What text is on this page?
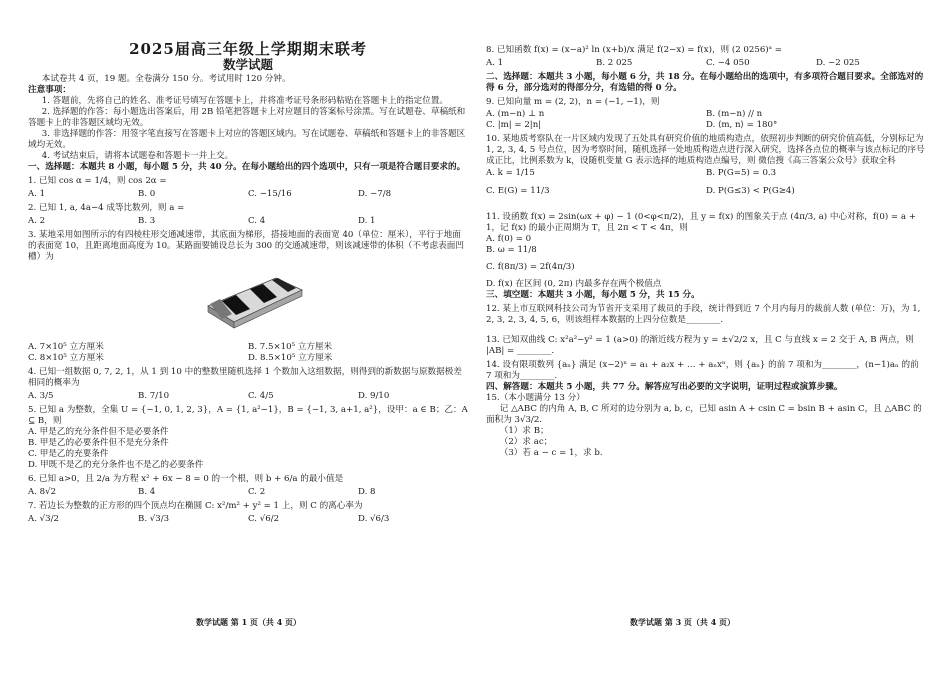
2025届高三年级上学期期末联考
数学试题

本试卷共 4 页，19 题。全卷满分 150 分。考试用时 120 分钟。

注意事项：

1. 答题前，先将自己的姓名、准考证号填写在答题卡上，并将准考证号条形码粘贴在答题卡上的指定位置。

2. 选择题的作答：每小题选出答案后，用 2B 铅笔把答题卡上对应题目的答案标号涂黑。写在试题卷、草稿纸和答题卡上的非答题区域均无效。

3. 非选择题的作答：用签字笔直接写在答题卡上对应的答题区域内。写在试题卷、草稿纸和答题卡上的非答题区域均无效。

4. 考试结束后，请将本试题卷和答题卡一并上交。

一、选择题：本题共 8 小题，每小题 5 分，共 40 分。在每小题给出的四个选项中，只有一项是符合题目要求的。

1. 已知 cos α = 1/4，则 cos 2α =

A. 1	B. 0	C. −15/16	D. −7/8

2. 已知 1, a, 4a−4 成等比数列，则 a =

A. 2	B. 3	C. 4	D. 1

3. 某地采用如图所示的有四棱柱形交通减速带，其底面为梯形，搭接地面的表面宽 40（单位：厘米），平行于地面的表面宽 10，且距离地面高度为 10。某路面要铺设总长为 300 的交通减速带，则该减速带的体积（不考虑表面凹槽）为

A. 7×10⁵ 立方厘米	B. 7.5×10⁵ 立方厘米
C. 8×10⁵ 立方厘米	D. 8.5×10⁵ 立方厘米

4. 已知一组数据 0, 7, 2, 1，从 1 到 10 中的整数里随机选择 1 个数加入这组数据，则得到的新数据与原数据极差相同的概率为

A. 3/5	B. 7/10	C. 4/5	D. 9/10

5. 已知 a 为整数，全集 U = {−1, 0, 1, 2, 3}，A = {1, a²−1}，B = {−1, 3, a+1, a²}，设甲：a ∈ B；乙：A ⊆ B，则

A. 甲是乙的充分条件但不是必要条件

B. 甲是乙的必要条件但不是充分条件

C. 甲是乙的充要条件

D. 甲既不是乙的充分条件也不是乙的必要条件

6. 已知 a>0，且 2/a 为方程 x² + 6x − 8 = 0 的一个根，则 b + 6/a 的最小值是

A. 8√2	B. 4	C. 2	D. 8

7. 若边长为整数的正方形的四个顶点均在椭圆 C: x²/m² + y² = 1 上，则 C 的离心率为

A. √3/2	B. √3/3	C. √6/2	D. √6/3
数学试题 第 1 页（共 4 页）

8. 已知函数 f(x) = (x−a)² ln (x+b)/x 满足 f(2−x) = f(x)，则 (2 0256)ᵃ =

A. 1	B. 2 025	C. −4 050	D. −2 025

二、选择题：本题共 3 小题，每小题 6 分，共 18 分。在每小题给出的选项中，有多项符合题目要求。全部选对的得 6 分，部分选对的得部分分，有选错的得 0 分。

9. 已知向量 m = (2, 2)，n = (−1, −1)，则

A. (m−n) ⊥ n	B. (m−n) // n
C. |m| = 2|n|	D. ⟨m, n⟩ = 180°

10. 某地质考察队在一片区域内发现了五处具有研究价值的地质构造点，依照初步判断的研究价值高低，分别标记为 1, 2, 3, 4, 5 号点位，因为考察时间，随机选择一处地质构造点进行深入研究，选择各点位的概率与该点标记的序号成正比，比例系数为 k，设随机变量 G 表示选择的地质构造点编号，则 微信搜《高三答案公众号》获取全科

A. k = 1/15	B. P(G=5) = 0.3
C. E(G) = 11/3	D. P(G≤3) < P(G≥4)

11. 设函数 f(x) = 2sin(ωx + φ) − 1 (0<φ<π/2)，且 y = f(x) 的图象关于点 (4π/3, a) 中心对称，f(0) = a + 1，记 f(x) 的最小正周期为 T，且 2π < T < 4π，则

A. f(0) = 0

B. ω = 11/8

C. f(8π/3) = 2f(4π/3)

D. f(x) 在区间 (0, 2π) 内最多存在两个极值点

三、填空题：本题共 3 小题，每小题 5 分，共 15 分。

12. 某上市互联网科技公司为节省开支采用了裁员的手段，统计得到近 7 个月内每月的裁前人数 (单位：万)，为 1, 2, 3, 2, 3, 4, 5, 6，则该组样本数据的上四分位数是________.

13. 已知双曲线 C: x²a²−y² = 1 (a>0) 的渐近线方程为 y = ±√2/2 x，且 C 与直线 x = 2 交于 A, B 两点，则 |AB| = ________.

14. 设有限项数列 {aₙ} 满足 (x−2)ⁿ = a₁ + a₂x + … + aₙxⁿ，则 {aₙ} 的前 7 项和为________，(n−1)aₙ 的前 7 项和为________.

四、解答题：本题共 5 小题，共 77 分。解答应写出必要的文字说明，证明过程或演算步骤。

15.（本小题满分 13 分）

记 △ABC 的内角 A, B, C 所对的边分别为 a, b, c，已知 asin A + csin C = bsin B + asin C，且 △ABC 的面积为 3√3/2.

（1）求 B；

（2）求 ac；

（3）若 a − c = 1，求 b.

数学试题 第 3 页（共 4 页）
